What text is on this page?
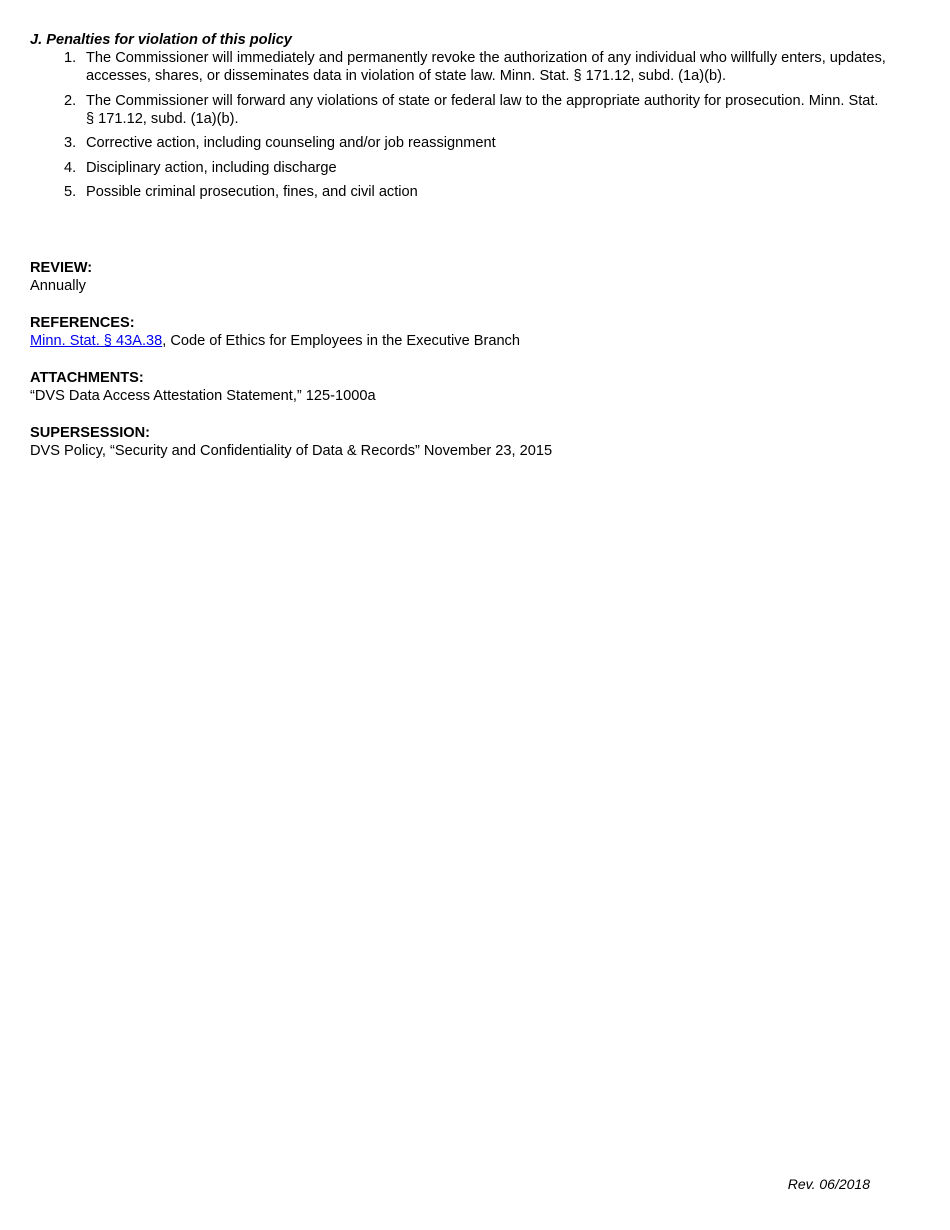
J. Penalties for violation of this policy

1. The Commissioner will immediately and permanently revoke the authorization of any individual who willfully enters, updates, accesses, shares, or disseminates data in violation of state law. Minn. Stat. § 171.12, subd. (1a)(b).
2. The Commissioner will forward any violations of state or federal law to the appropriate authority for prosecution. Minn. Stat. § 171.12, subd. (1a)(b).
3. Corrective action, including counseling and/or job reassignment
4. Disciplinary action, including discharge
5. Possible criminal prosecution, fines, and civil action

REVIEW:

Annually

REFERENCES:

Minn. Stat. § 43A.38, Code of Ethics for Employees in the Executive Branch

ATTACHMENTS:

“DVS Data Access Attestation Statement,” 125-1000a

SUPERSESSION:

DVS Policy, “Security and Confidentiality of Data & Records” November 23, 2015

Rev. 06/2018
